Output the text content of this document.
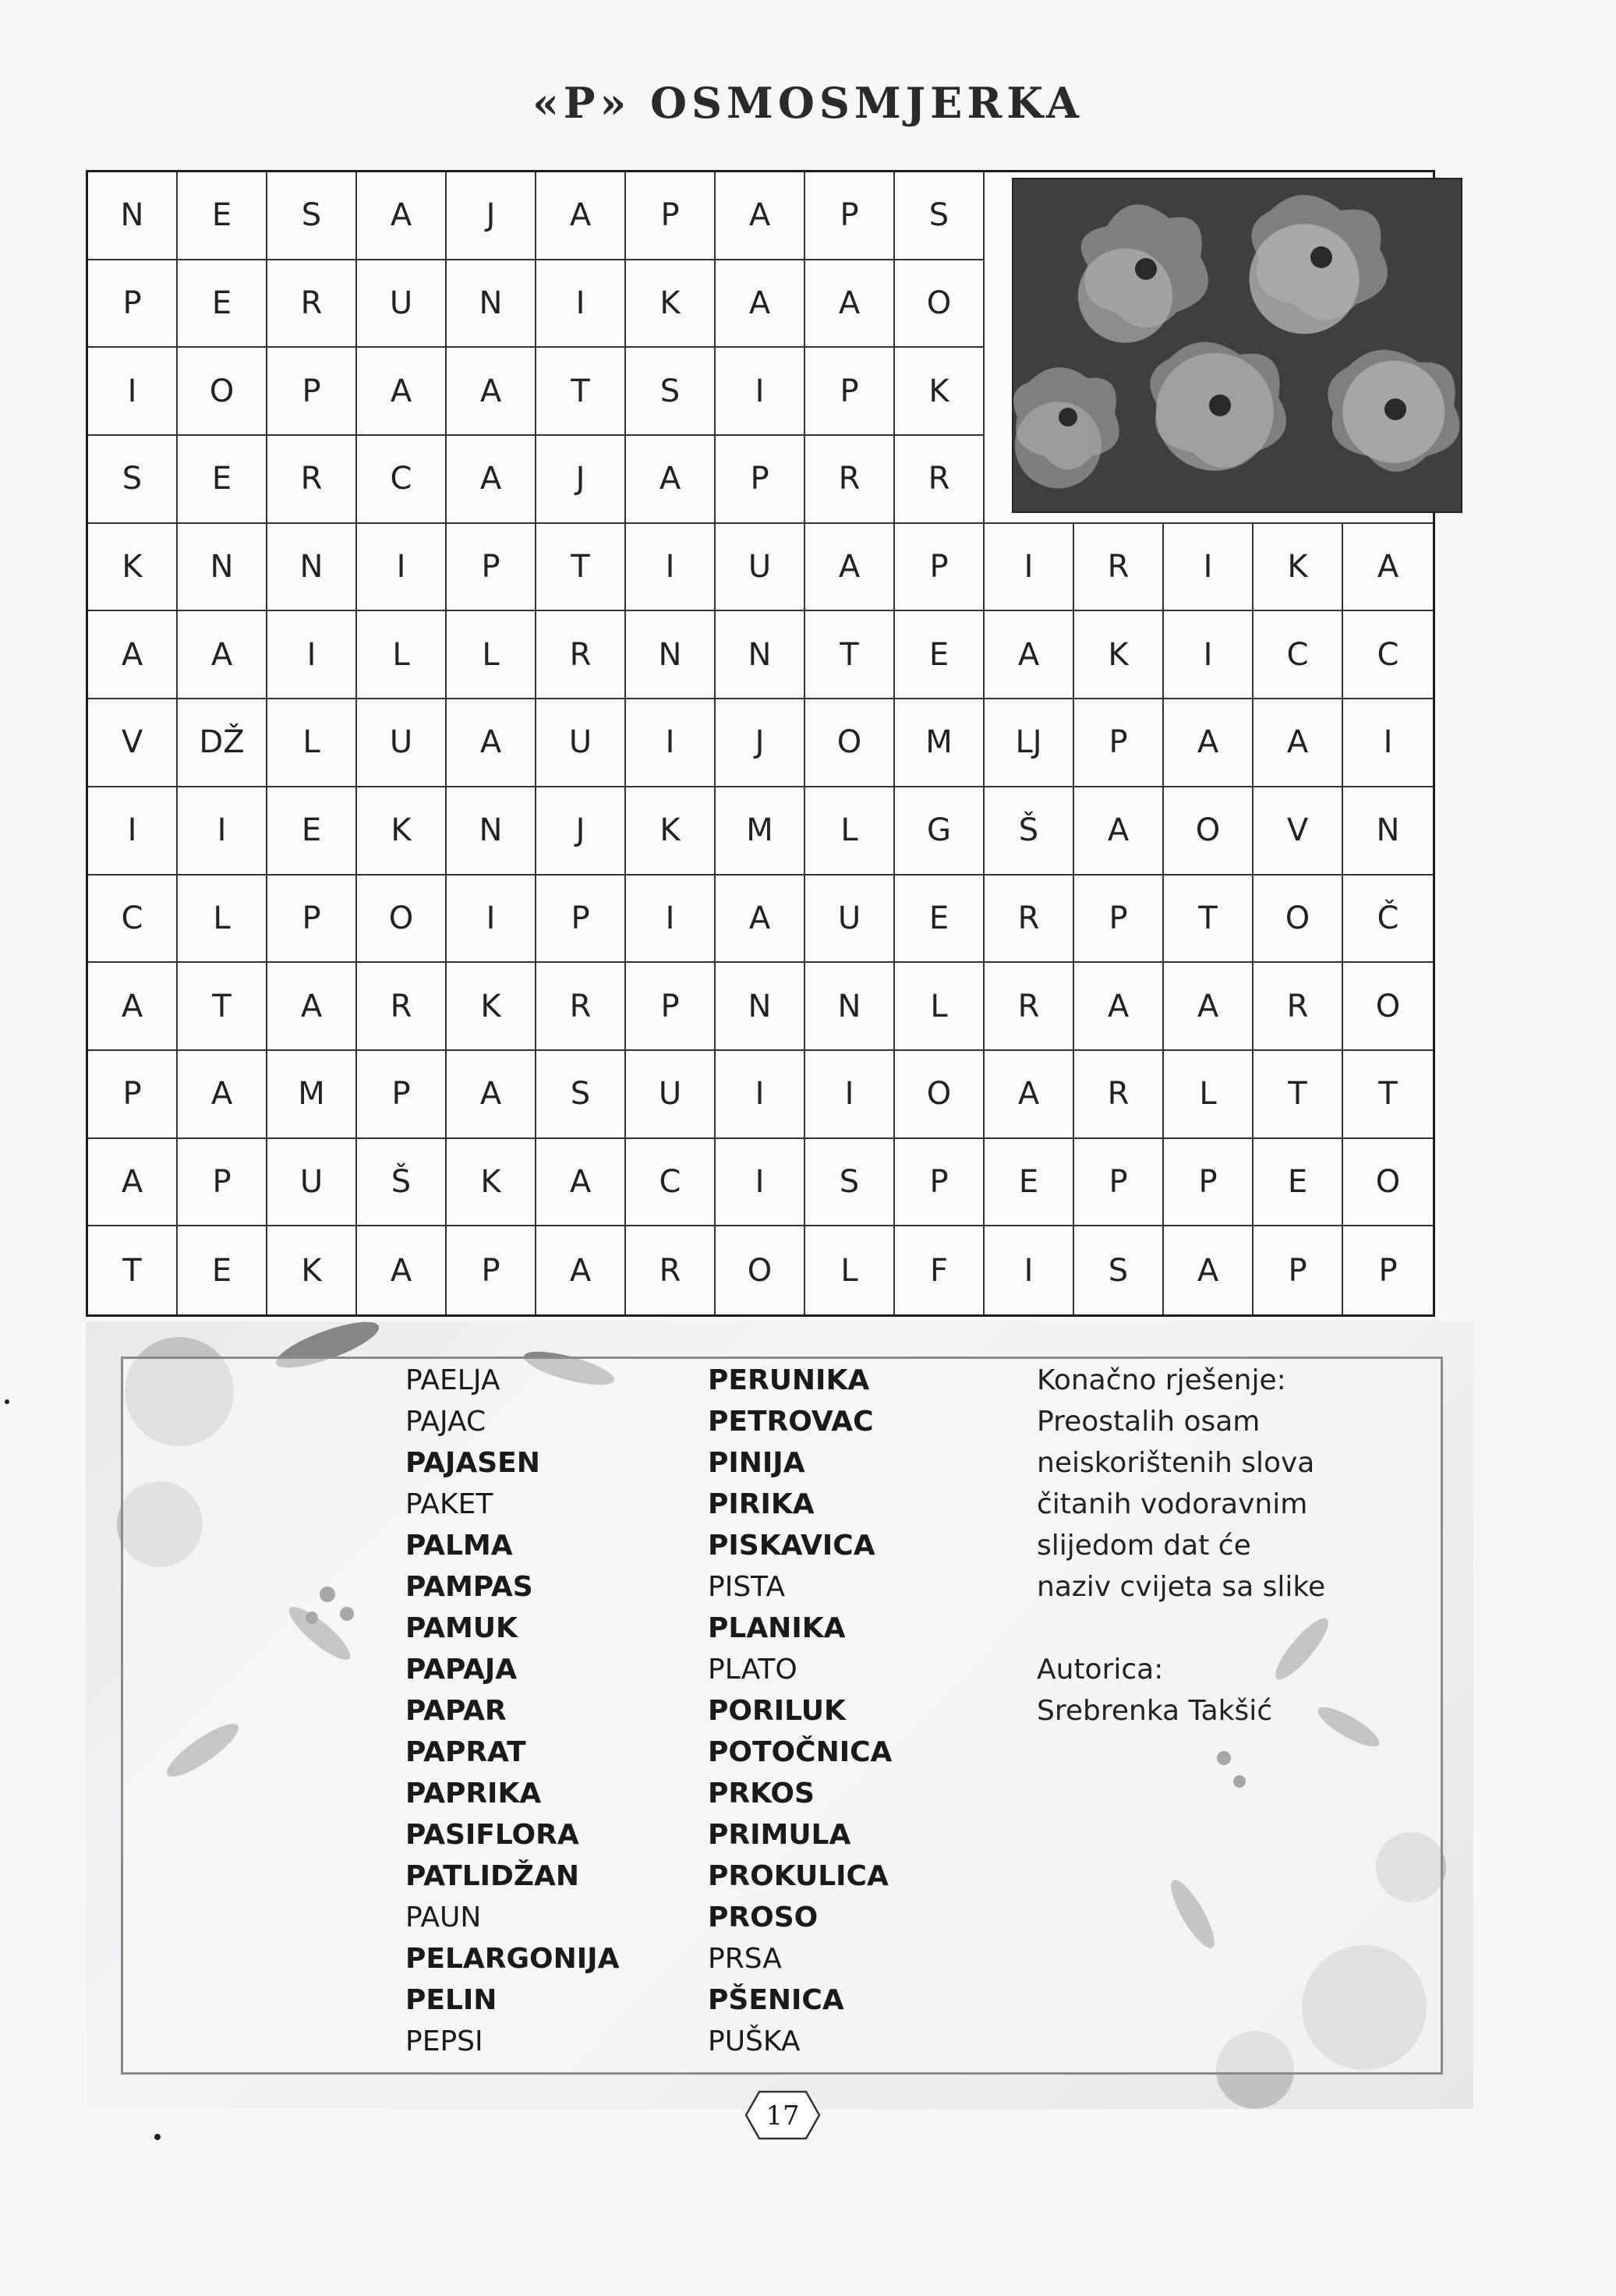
«P» OSMOSMJERKA
N	E	S	A	J	A	P	A	P	S
P	E	R	U	N	I	K	A	A	O
I	O	P	A	A	T	S	I	P	K
S	E	R	C	A	J	A	P	R	R
K	N	N	I	P	T	I	U	A	P	I	R	I	K	A
A	A	I	L	L	R	N	N	T	E	A	K	I	C	C
V	DŽ	L	U	A	U	I	J	O	M	LJ	P	A	A	I
I	I	E	K	N	J	K	M	L	G	Š	A	O	V	N
C	L	P	O	I	P	I	A	U	E	R	P	T	O	Č
A	T	A	R	K	R	P	N	N	L	R	A	A	R	O
P	A	M	P	A	S	U	I	I	O	A	R	L	T	T
A	P	U	Š	K	A	C	I	S	P	E	P	P	E	O
T	E	K	A	P	A	R	O	L	F	I	S	A	P	P
PAELJA
PAJAC
PAJASEN
PAKET
PALMA
PAMPAS
PAMUK
PAPAJA
PAPAR
PAPRAT
PAPRIKA
PASIFLORA
PATLIDŽAN
PAUN
PELARGONIJA
PELIN
PEPSI
PERUNIKA
PETROVAC
PINIJA
PIRIKA
PISKAVICA
PISTA
PLANIKA
PLATO
PORILUK
POTOČNICA
PRKOS
PRIMULA
PROKULICA
PROSO
PRSA
PŠENICA
PUŠKA
Konačno rješenje:
Preostalih osam
neiskorištenih slova
čitanih vodoravnim
slijedom dat će
naziv cvijeta sa slike
Autorica:
Srebrenka Takšić
17
